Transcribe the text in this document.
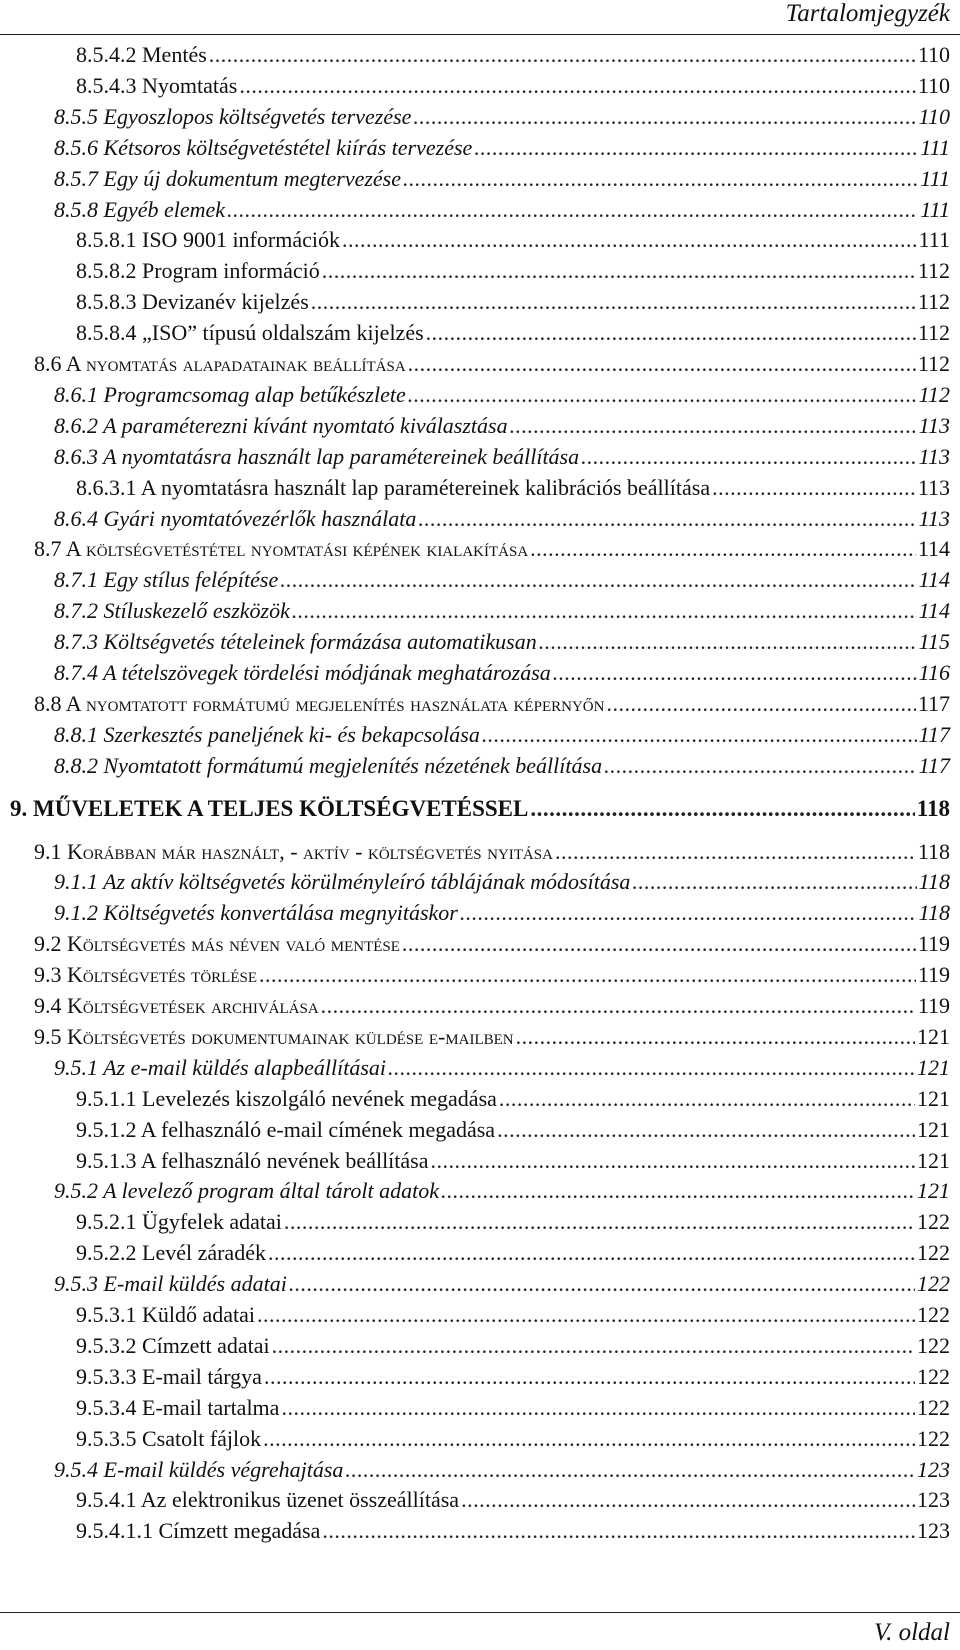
Tartalomjegyzék
8.5.4.2 Mentés .....	110
8.5.4.3 Nyomtatás .....	110
8.5.5 Egyoszlopos költségvetés tervezése .....	110
8.5.6 Kétsoros költségvetéstétel kiírás tervezése .....	111
8.5.7 Egy új dokumentum megtervezése .....	111
8.5.8 Egyéb elemek .....	111
8.5.8.1 ISO 9001 információk .....	111
8.5.8.2 Program információ .....	112
8.5.8.3 Devizanév kijelzés .....	112
8.5.8.4 „ISO” típusú oldalszám kijelzés .....	112
8.6 A nyomtatás alapadatainak beállítása .....	112
8.6.1 Programcsomag alap betűkészlete .....	112
8.6.2 A paraméterezni kívánt nyomtató kiválasztása .....	113
8.6.3 A nyomtatásra használt lap paramétereinek beállítása .....	113
8.6.3.1 A nyomtatásra használt lap paramétereinek kalibrációs beállítása .....	113
8.6.4 Gyári nyomtatóvezérlők használata .....	113
8.7 A költségvetéstétel nyomtatási képének kialakítása .....	114
8.7.1 Egy stílus felépítése .....	114
8.7.2 Stíluskezelő eszközök .....	114
8.7.3 Költségvetés tételeinek formázása automatikusan .....	115
8.7.4 A tételszövegek tördelési módjának meghatározása .....	116
8.8 A nyomtatott formátumú megjelenítés használata képernyőn .....	117
8.8.1 Szerkesztés paneljének ki- és bekapcsolása .....	117
8.8.2 Nyomtatott formátumú megjelenítés nézetének beállítása .....	117
9. MŰVELETEK A TELJES KÖLTSÉGVETÉSSEL .....	118
9.1 Korábban már használt, - aktív - költségvetés nyitása .....	118
9.1.1 Az aktív költségvetés körülményleíró táblájának módosítása .....	118
9.1.2 Költségvetés konvertálása megnyitáskor .....	118
9.2 Költségvetés más néven való mentése .....	119
9.3 Költségvetés törlése .....	119
9.4 Költségvetések archiválása .....	119
9.5 Költségvetés dokumentumainak küldése e-mailben .....	121
9.5.1 Az e-mail küldés alapbeállításai .....	121
9.5.1.1 Levelezés kiszolgáló nevének megadása .....	121
9.5.1.2 A felhasználó e-mail címének megadása .....	121
9.5.1.3 A felhasználó nevének beállítása .....	121
9.5.2 A levelező program által tárolt adatok .....	121
9.5.2.1 Ügyfelek adatai .....	122
9.5.2.2 Levél záradék .....	122
9.5.3 E-mail küldés adatai .....	122
9.5.3.1 Küldő adatai .....	122
9.5.3.2 Címzett adatai .....	122
9.5.3.3 E-mail tárgya .....	122
9.5.3.4 E-mail tartalma .....	122
9.5.3.5 Csatolt fájlok .....	122
9.5.4 E-mail küldés végrehajtása .....	123
9.5.4.1 Az elektronikus üzenet összeállítása .....	123
9.5.4.1.1 Címzett megadása .....	123
V. oldal
